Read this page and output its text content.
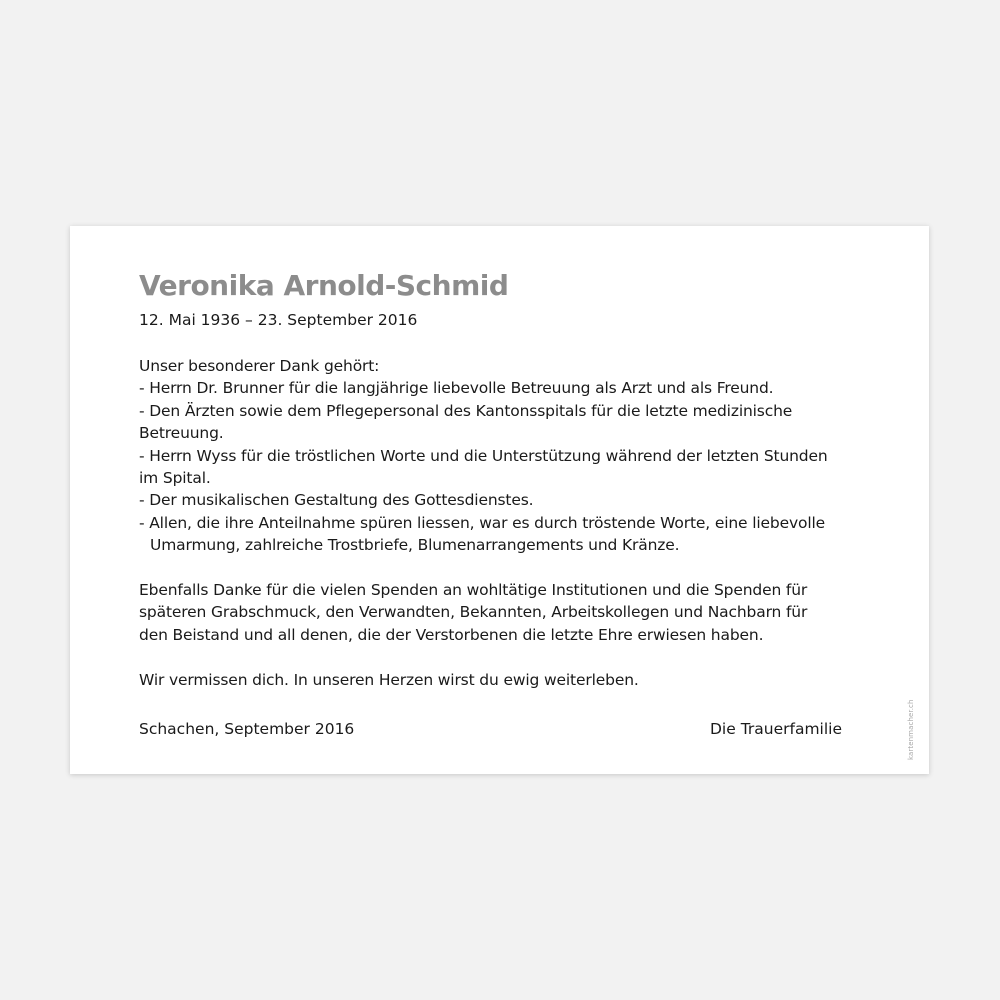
Veronika Arnold-Schmid
12. Mai 1936 – 23. September 2016
Unser besonderer Dank gehört:
- Herrn Dr. Brunner für die langjährige liebevolle Betreuung als Arzt und als Freund.
- Den Ärzten sowie dem Pflegepersonal des Kantonsspitals für die letzte medizinische
Betreuung.
- Herrn Wyss für die tröstlichen Worte und die Unterstützung während der letzten Stunden
im Spital.
- Der musikalischen Gestaltung des Gottesdienstes.
- Allen, die ihre Anteilnahme spüren liessen, war es durch tröstende Worte, eine liebevolle
Umarmung, zahlreiche Trostbriefe, Blumenarrangements und Kränze.
Ebenfalls Danke für die vielen Spenden an wohltätige Institutionen und die Spenden für
späteren Grabschmuck, den Verwandten, Bekannten, Arbeitskollegen und Nachbarn für
den Beistand und all denen, die der Verstorbenen die letzte Ehre erwiesen haben.
Wir vermissen dich. In unseren Herzen wirst du ewig weiterleben.
Schachen, September 2016	Die Trauerfamilie	kartenmacher.ch
